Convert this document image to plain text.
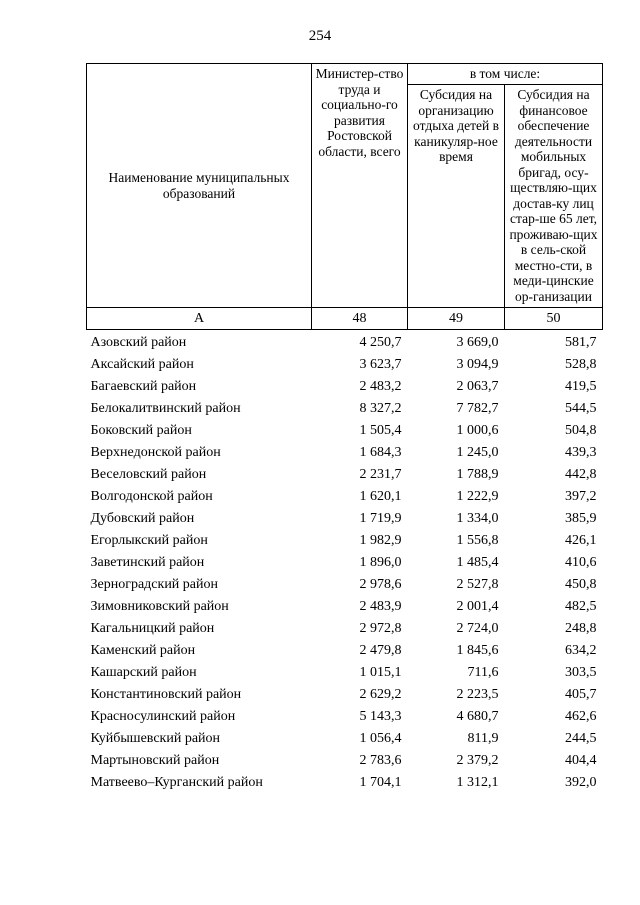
254
Наименование муниципальных образований	Министер-ство труда и социально-го развития Ростовской области, всего	в том числе:	
		Субсидия на организацию отдыха детей в каникуляр-ное время	Субсидия на финансовое обеспечение деятельности мобильных бригад, осу-ществляю-щих достав-ку лиц стар-ше 65 лет, проживаю-щих в сель-ской местно-сти, в меди-цинские ор-ганизации
А	48	49	50
Азовский район	4 250,7	3 669,0	581,7
Аксайский район	3 623,7	3 094,9	528,8
Багаевский район	2 483,2	2 063,7	419,5
Белокалитвинский район	8 327,2	7 782,7	544,5
Боковский район	1 505,4	1 000,6	504,8
Верхнедонской район	1 684,3	1 245,0	439,3
Веселовский район	2 231,7	1 788,9	442,8
Волгодонской район	1 620,1	1 222,9	397,2
Дубовский район	1 719,9	1 334,0	385,9
Егорлыкский район	1 982,9	1 556,8	426,1
Заветинский район	1 896,0	1 485,4	410,6
Зерноградский район	2 978,6	2 527,8	450,8
Зимовниковский район	2 483,9	2 001,4	482,5
Кагальницкий район	2 972,8	2 724,0	248,8
Каменский район	2 479,8	1 845,6	634,2
Кашарский район	1 015,1	711,6	303,5
Константиновский район	2 629,2	2 223,5	405,7
Красносулинский район	5 143,3	4 680,7	462,6
Куйбышевский район	1 056,4	811,9	244,5
Мартыновский район	2 783,6	2 379,2	404,4
Матвеево–Курганский район	1 704,1	1 312,1	392,0
